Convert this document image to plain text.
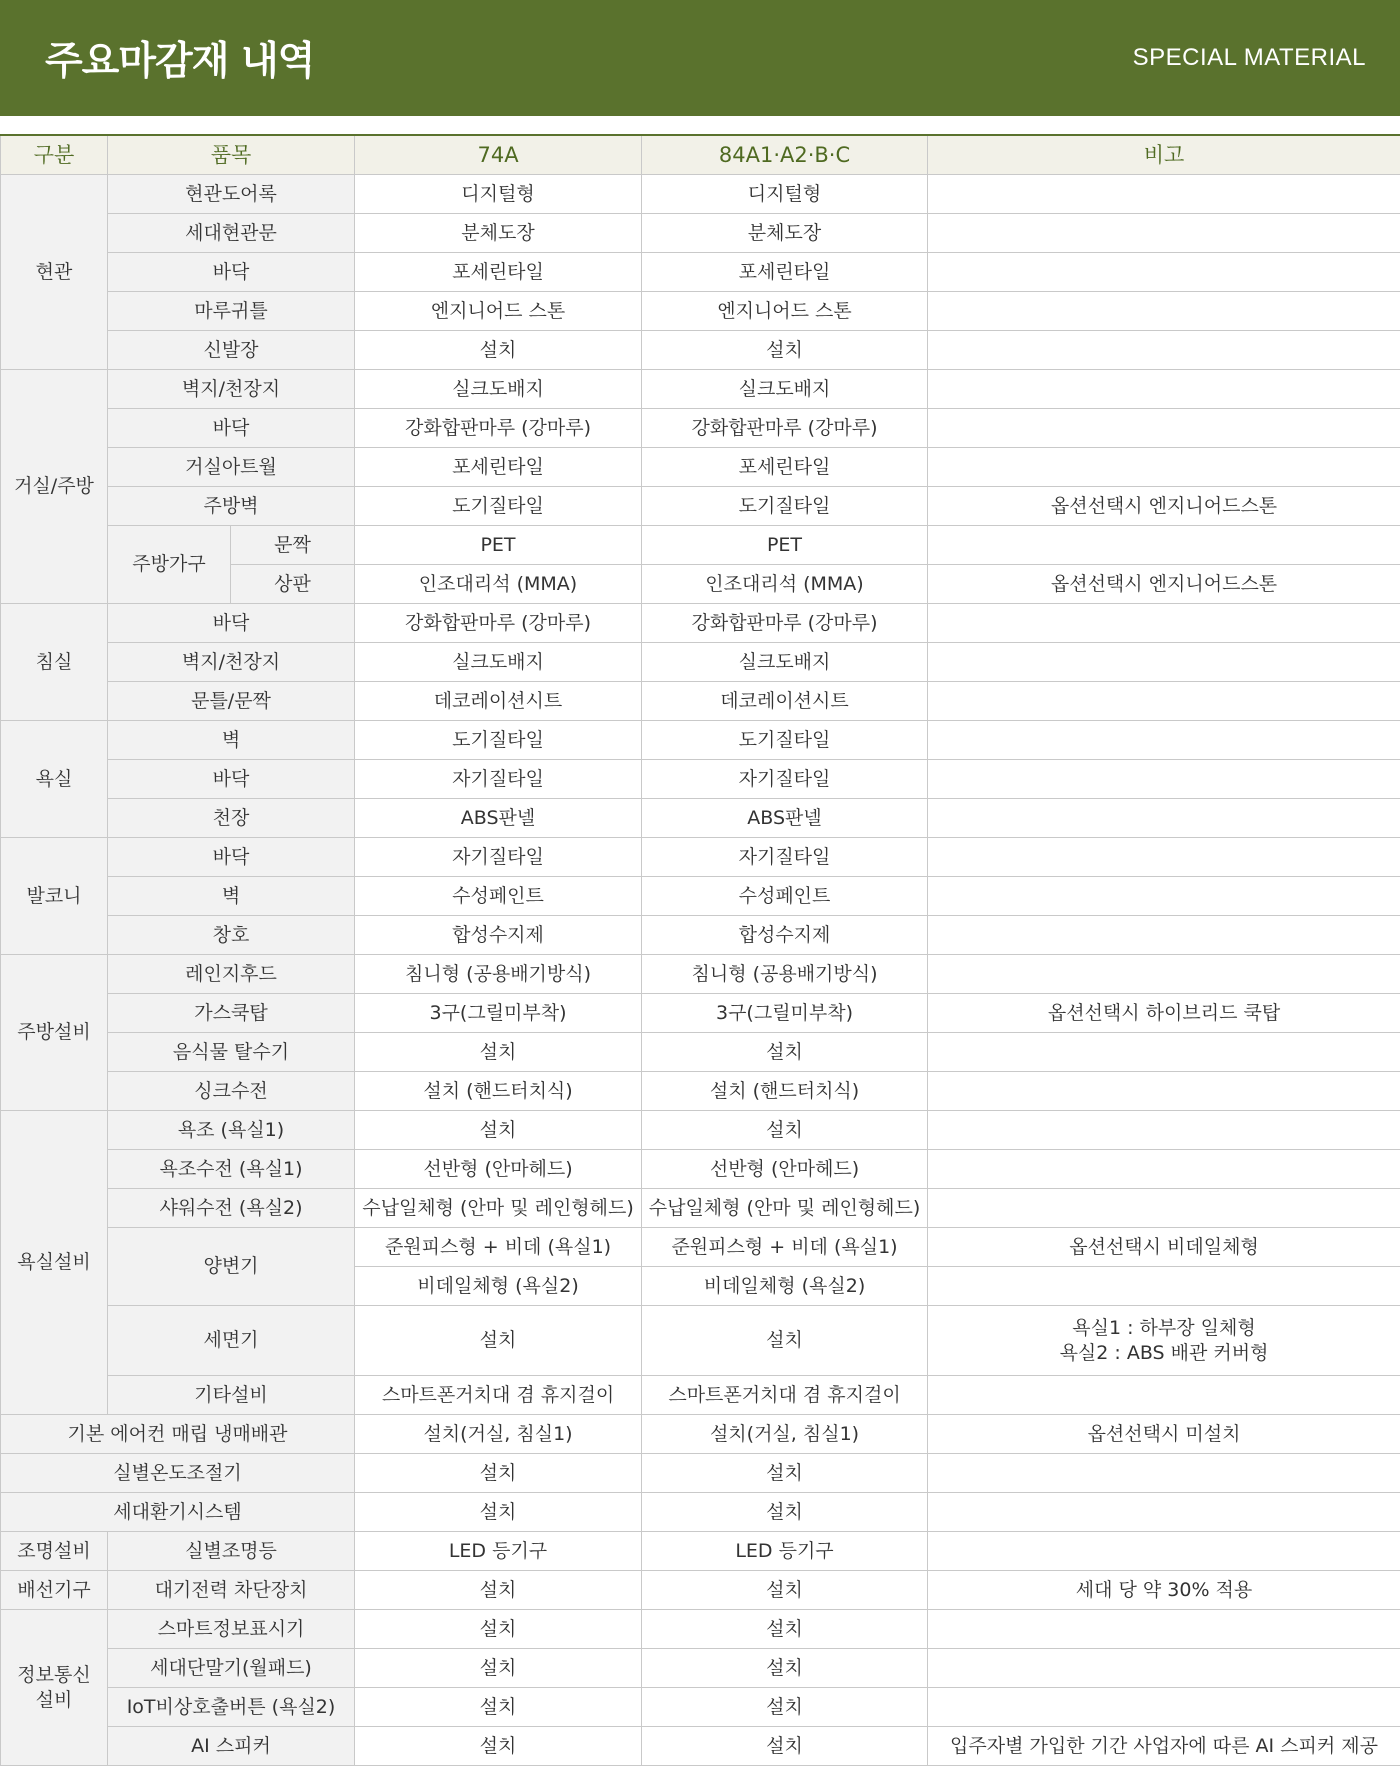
주요마감재 내역	SPECIAL MATERIAL
구분	품목		74A	84A1·A2·B·C	비고
현관	현관도어록		디지털형	디지털형	
	세대현관문		분체도장	분체도장	
	바닥		포세린타일	포세린타일	
	마루귀틀		엔지니어드 스톤	엔지니어드 스톤	
	신발장		설치	설치	
거실/주방	벽지/천장지		실크도배지	실크도배지	
	바닥		강화합판마루 (강마루)	강화합판마루 (강마루)	
	거실아트월		포세린타일	포세린타일	
	주방벽		도기질타일	도기질타일	옵션선택시 엔지니어드스톤
	주방가구	문짝	PET	PET	
		상판	인조대리석 (MMA)	인조대리석 (MMA)	옵션선택시 엔지니어드스톤
침실	바닥		강화합판마루 (강마루)	강화합판마루 (강마루)	
	벽지/천장지		실크도배지	실크도배지	
	문틀/문짝		데코레이션시트	데코레이션시트	
욕실	벽		도기질타일	도기질타일	
	바닥		자기질타일	자기질타일	
	천장		ABS판넬	ABS판넬	
발코니	바닥		자기질타일	자기질타일	
	벽		수성페인트	수성페인트	
	창호		합성수지제	합성수지제	
주방설비	레인지후드		침니형 (공용배기방식)	침니형 (공용배기방식)	
	가스쿡탑		3구(그릴미부착)	3구(그릴미부착)	옵션선택시 하이브리드 쿡탑
	음식물 탈수기		설치	설치	
	싱크수전		설치 (핸드터치식)	설치 (핸드터치식)	
욕실설비	욕조 (욕실1)		설치	설치	
	욕조수전 (욕실1)		선반형 (안마헤드)	선반형 (안마헤드)	
	샤워수전 (욕실2)		수납일체형 (안마 및 레인형헤드)	수납일체형 (안마 및 레인형헤드)	
	양변기		준원피스형 + 비데 (욕실1)	준원피스형 + 비데 (욕실1)	옵션선택시 비데일체형
			비데일체형 (욕실2)	비데일체형 (욕실2)	
	세면기		설치	설치	욕실1 : 하부장 일체형
욕실2 : ABS 배관 커버형

	기타설비		스마트폰거치대 겸 휴지걸이	스마트폰거치대 겸 휴지걸이	
기본 에어컨 매립 냉매배관			설치(거실, 침실1)	설치(거실, 침실1)	옵션선택시 미설치
실별온도조절기			설치	설치	
세대환기시스템			설치	설치	
조명설비	실별조명등		LED 등기구	LED 등기구	
배선기구	대기전력 차단장치		설치	설치	세대 당 약 30% 적용

정보통신
설비	스마트정보표시기		설치	설치	
	세대단말기(월패드)		설치	설치	
	IoT비상호출버튼 (욕실2)		설치	설치	
	AI 스피커		설치	설치	입주자별 가입한 기간 사업자에 따른 AI 스피커 제공
